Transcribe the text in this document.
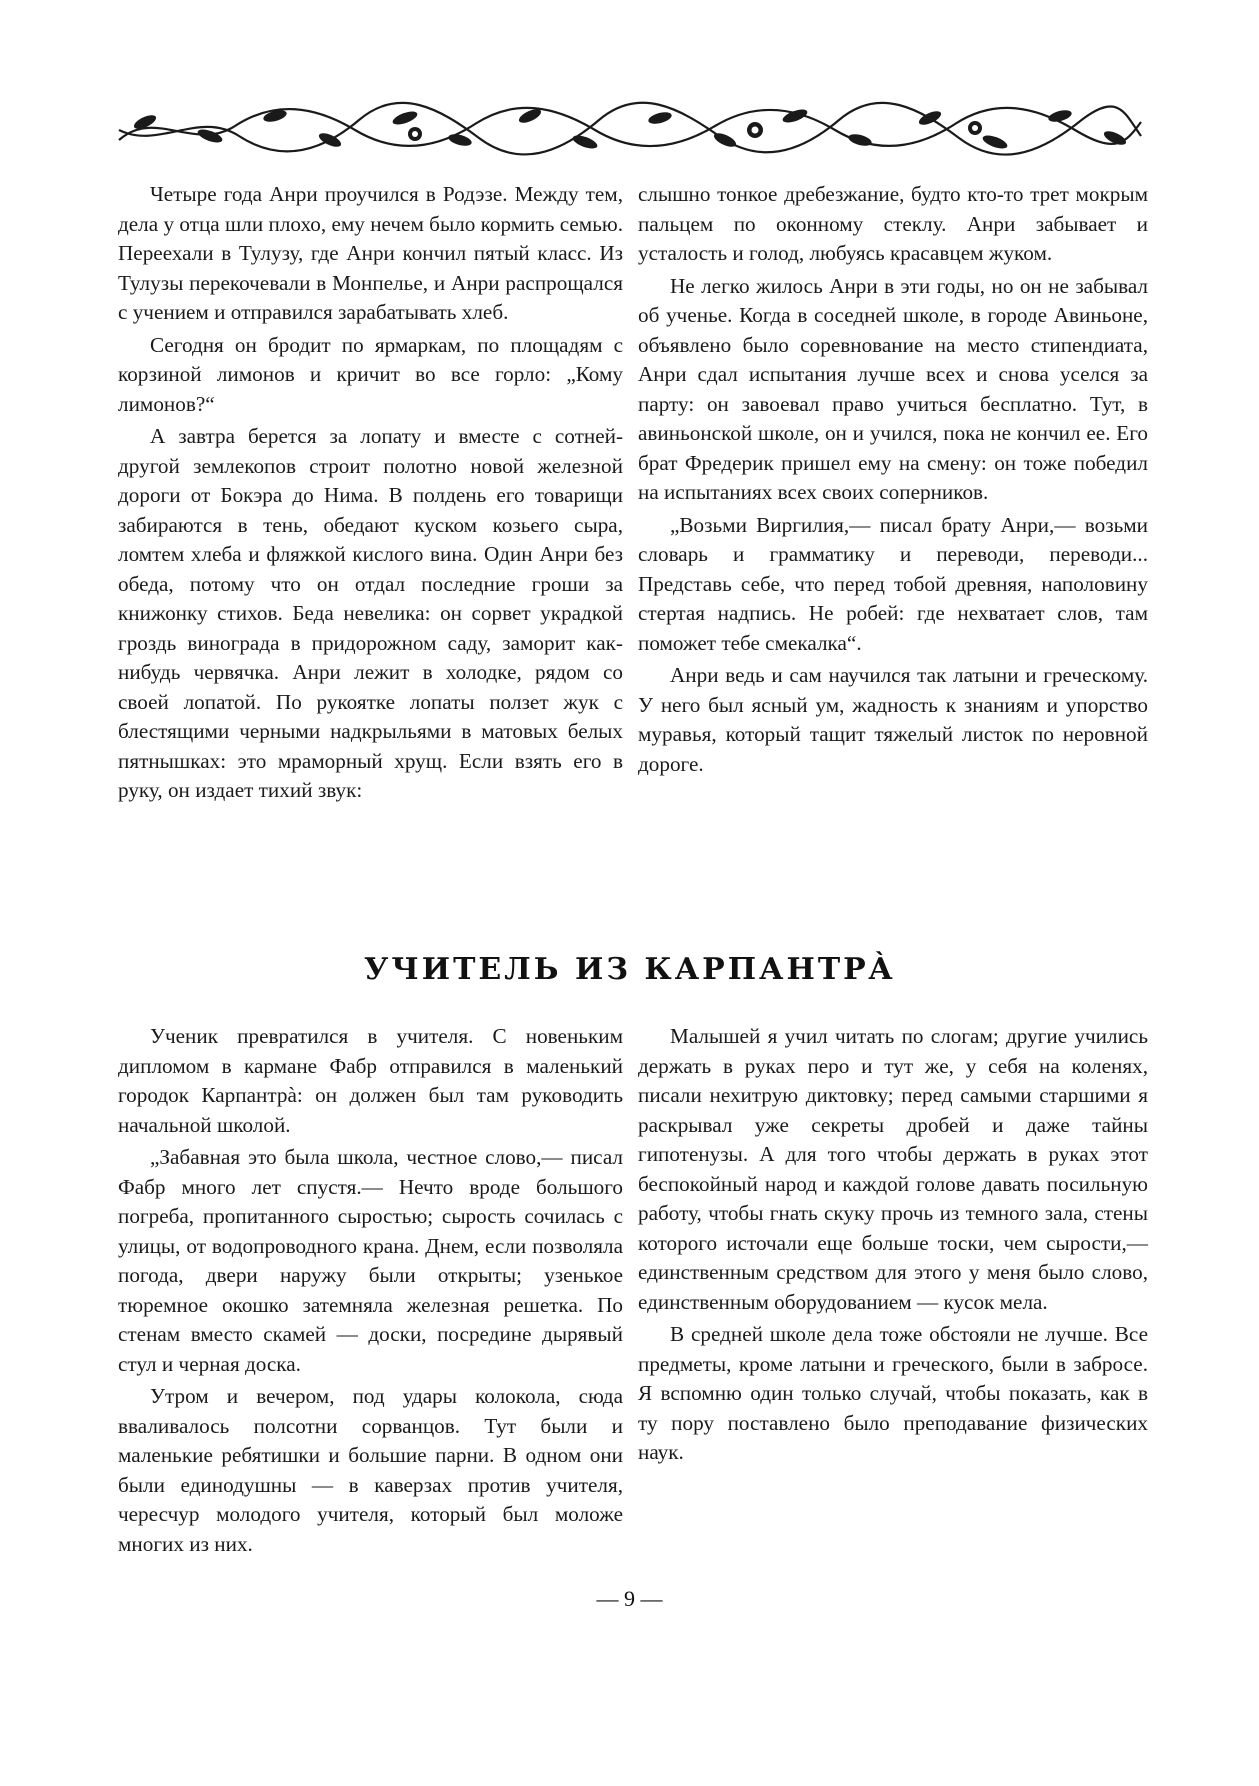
Четыре года Анри проучился в Родэзе. Между тем, дела у отца шли плохо, ему нечем было кормить семью. Переехали в Тулузу, где Анри кончил пятый класс. Из Тулузы перекочевали в Монпелье, и Анри распрощался с учением и отправился зарабатывать хлеб.

Сегодня он бродит по ярмаркам, по площадям с корзиной лимонов и кричит во все горло: „Кому лимонов?“

А завтра берется за лопату и вместе с сотней-другой землекопов строит полотно новой железной дороги от Бокэра до Нима. В полдень его товарищи забираются в тень, обедают куском козьего сыра, ломтем хлеба и фляжкой кислого вина. Один Анри без обеда, потому что он отдал последние гроши за книжонку стихов. Беда невелика: он сорвет украдкой гроздь винограда в придорожном саду, заморит как-нибудь червячка. Анри лежит в холодке, рядом со своей лопатой. По рукоятке лопаты ползет жук с блестящими черными надкрыльями в матовых белых пятнышках: это мраморный хрущ. Если взять его в руку, он издает тихий звук:

слышно тонкое дребезжание, будто кто-то трет мокрым пальцем по оконному стеклу. Анри забывает и усталость и голод, любуясь красавцем жуком.

Не легко жилось Анри в эти годы, но он не забывал об ученье. Когда в соседней школе, в городе Авиньоне, объявлено было соревнование на место стипендиата, Анри сдал испытания лучше всех и снова уселся за парту: он завоевал право учиться бесплатно. Тут, в авиньонской школе, он и учился, пока не кончил ее. Его брат Фредерик пришел ему на смену: он тоже победил на испытаниях всех своих соперников.

„Возьми Виргилия,— писал брату Анри,— возьми словарь и грамматику и переводи, переводи... Представь себе, что перед тобой древняя, наполовину стертая надпись. Не робей: где нехватает слов, там поможет тебе смекалка“.

Анри ведь и сам научился так латыни и греческому. У него был ясный ум, жадность к знаниям и упорство муравья, который тащит тяжелый листок по неровной дороге.

УЧИТЕЛЬ ИЗ КАРПАНТРÀ

Ученик превратился в учителя. С новеньким дипломом в кармане Фабр отправился в маленький городок Карпантрà: он должен был там руководить начальной школой.

„Забавная это была школа, честное слово,— писал Фабр много лет спустя.— Нечто вроде большого погреба, пропитанного сыростью; сырость сочилась с улицы, от водопроводного крана. Днем, если позволяла погода, двери наружу были открыты; узенькое тюремное окошко затемняла железная решетка. По стенам вместо скамей — доски, посредине дырявый стул и черная доска.

Утром и вечером, под удары колокола, сюда вваливалось полсотни сорванцов. Тут были и маленькие ребятишки и большие парни. В одном они были единодушны — в каверзах против учителя, чересчур молодого учителя, который был моложе многих из них.

Малышей я учил читать по слогам; другие учились держать в руках перо и тут же, у себя на коленях, писали нехитрую диктовку; перед самыми старшими я раскрывал уже секреты дробей и даже тайны гипотенузы. А для того чтобы держать в руках этот беспокойный народ и каждой голове давать посильную работу, чтобы гнать скуку прочь из темного зала, стены которого источали еще больше тоски, чем сырости,— единственным средством для этого у меня было слово, единственным оборудованием — кусок мела.

В средней школе дела тоже обстояли не лучше. Все предметы, кроме латыни и греческого, были в забросе. Я вспомню один только случай, чтобы показать, как в ту пору поставлено было преподавание физических наук.

— 9 —
